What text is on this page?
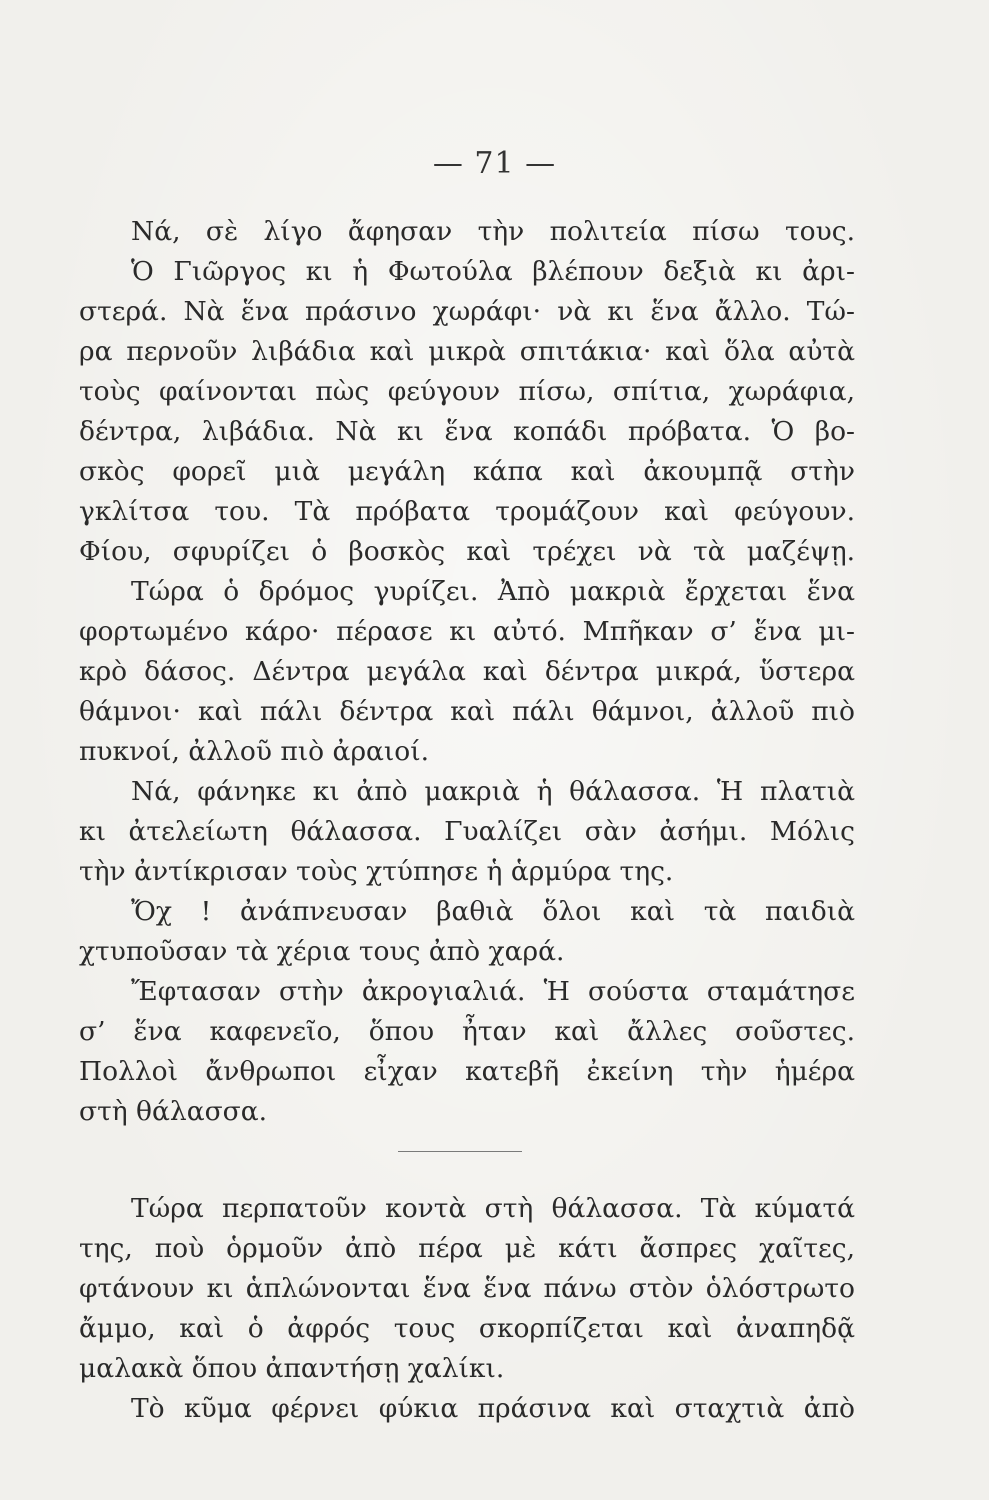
— 71 —
Νά, σὲ λίγο ἄφησαν τὴν πολιτεία πίσω τους.
Ὁ Γιῶργος κι ἡ Φωτούλα βλέπουν δεξιὰ κι ἀρι-
στερά. Νὰ ἕνα πράσινο χωράφι· νὰ κι ἕνα ἄλλο. Τώ-
ρα περνοῦν λιβάδια καὶ μικρὰ σπιτάκια· καὶ ὅλα αὐτὰ
τοὺς φαίνονται πὼς φεύγουν πίσω, σπίτια, χωράφια,
δέντρα, λιβάδια. Νὰ κι ἕνα κοπάδι πρόβατα. Ὁ βο-
σκὸς φορεῖ μιὰ μεγάλη κάπα καὶ ἀκουμπᾷ στὴν
γκλίτσα του. Τὰ πρόβατα τρομάζουν καὶ φεύγουν.
Φίου, σφυρίζει ὁ βοσκὸς καὶ τρέχει νὰ τὰ μαζέψῃ.
Τώρα ὁ δρόμος γυρίζει. Ἀπὸ μακριὰ ἔρχεται ἕνα
φορτωμένο κάρο· πέρασε κι αὐτό. Μπῆκαν σ’ ἕνα μι-
κρὸ δάσος. Δέντρα μεγάλα καὶ δέντρα μικρά, ὕστερα
θάμνοι· καὶ πάλι δέντρα καὶ πάλι θάμνοι, ἀλλοῦ πιὸ
πυκνοί, ἀλλοῦ πιὸ ἀραιοί.
Νά, φάνηκε κι ἀπὸ μακριὰ ἡ θάλασσα. Ἡ πλατιὰ
κι ἀτελείωτη θάλασσα. Γυαλίζει σὰν ἀσήμι. Μόλις
τὴν ἀντίκρισαν τοὺς χτύπησε ἡ ἁρμύρα της.
Ὄχ ! ἀνάπνευσαν βαθιὰ ὅλοι καὶ τὰ παιδιὰ
χτυποῦσαν τὰ χέρια τους ἀπὸ χαρά.
Ἔφτασαν στὴν ἀκρογιαλιά. Ἡ σούστα σταμάτησε
σ’ ἕνα καφενεῖο, ὅπου ἦταν καὶ ἄλλες σοῦστες.
Πολλοὶ ἄνθρωποι εἶχαν κατεβῆ ἐκείνη τὴν ἡμέρα
στὴ θάλασσα.
Τώρα περπατοῦν κοντὰ στὴ θάλασσα. Τὰ κύματά
της, ποὺ ὁρμοῦν ἀπὸ πέρα μὲ κάτι ἄσπρες χαῖτες,
φτάνουν κι ἁπλώνονται ἕνα ἕνα πάνω στὸν ὁλόστρωτο
ἄμμο, καὶ ὁ ἀφρός τους σκορπίζεται καὶ ἀναπηδᾷ
μαλακὰ ὅπου ἀπαντήσῃ χαλίκι.
Τὸ κῦμα φέρνει φύκια πράσινα καὶ σταχτιὰ ἀπὸ
